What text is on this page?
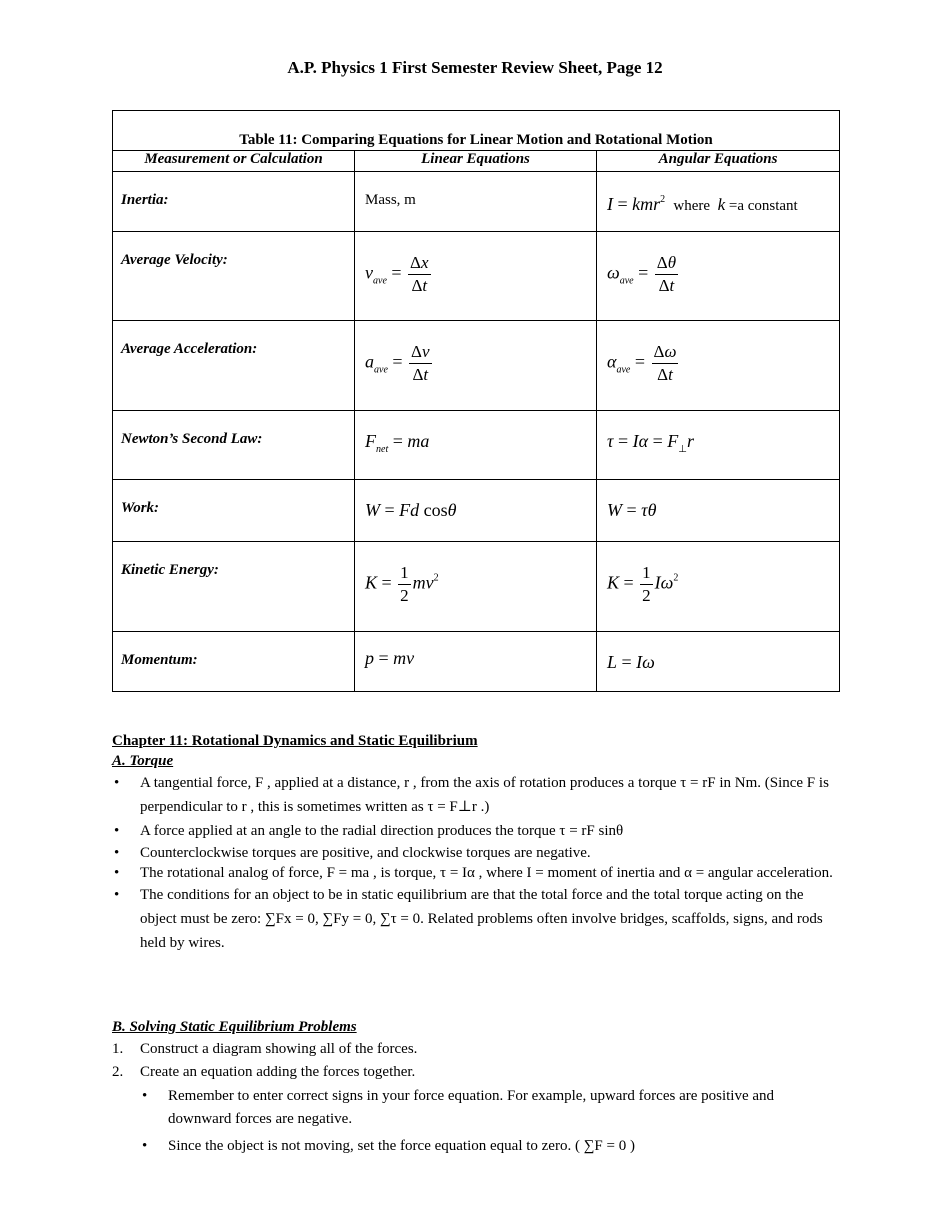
A.P. Physics 1 First Semester Review Sheet, Page 12
Table 11: Comparing Equations for Linear Motion and Rotational Motion		
Measurement or Calculation	Linear Equations	Angular Equations
Inertia:	Mass, m	I = kmr$^2$  where  k =a constant
Average Velocity:	$v_{ave} = \frac{\Delta x}{\Delta t}$	$\omega_{ave} = \frac{\Delta\theta}{\Delta t}$

Average Acceleration:	$a_{ave} = \frac{\Delta v}{\Delta t}$	$\alpha_{ave} = \frac{\Delta\omega}{\Delta t}$

Newton’s Second Law:	$F_{net}$ = ma	$\tau = I\alpha = F_\perp r$
Work:	W = Fd cosθ	W = τθ
Kinetic Energy:	$K = \frac{1}{2} mv^2$	$K = \frac{1}{2} I\omega^2$
Momentum:	p = mv	L = Iω
Chapter 11: Rotational Dynamics and Static Equilibrium
A. Torque
• A tangential force, F , applied at a distance, r , from the axis of rotation produces a torque τ = rF in Nm. (Since F is perpendicular to r , this is sometimes written as τ = F⊥r .)
• A force applied at an angle to the radial direction produces the torque τ = rF sinθ
• Counterclockwise torques are positive, and clockwise torques are negative.
• The rotational analog of force, F = ma , is torque, τ = Iα , where I = moment of inertia and α = angular acceleration.
• The conditions for an object to be in static equilibrium are that the total force and the total torque acting on the object must be zero: ∑Fx = 0, ∑Fy = 0, ∑τ = 0. Related problems often involve bridges, scaffolds, signs, and rods held by wires.
B. Solving Static Equilibrium Problems
1. Construct a diagram showing all of the forces.
2. Create an equation adding the forces together.
• Remember to enter correct signs in your force equation. For example, upward forces are positive and downward forces are negative.
• Since the object is not moving, set the force equation equal to zero. ( ∑F = 0 )
